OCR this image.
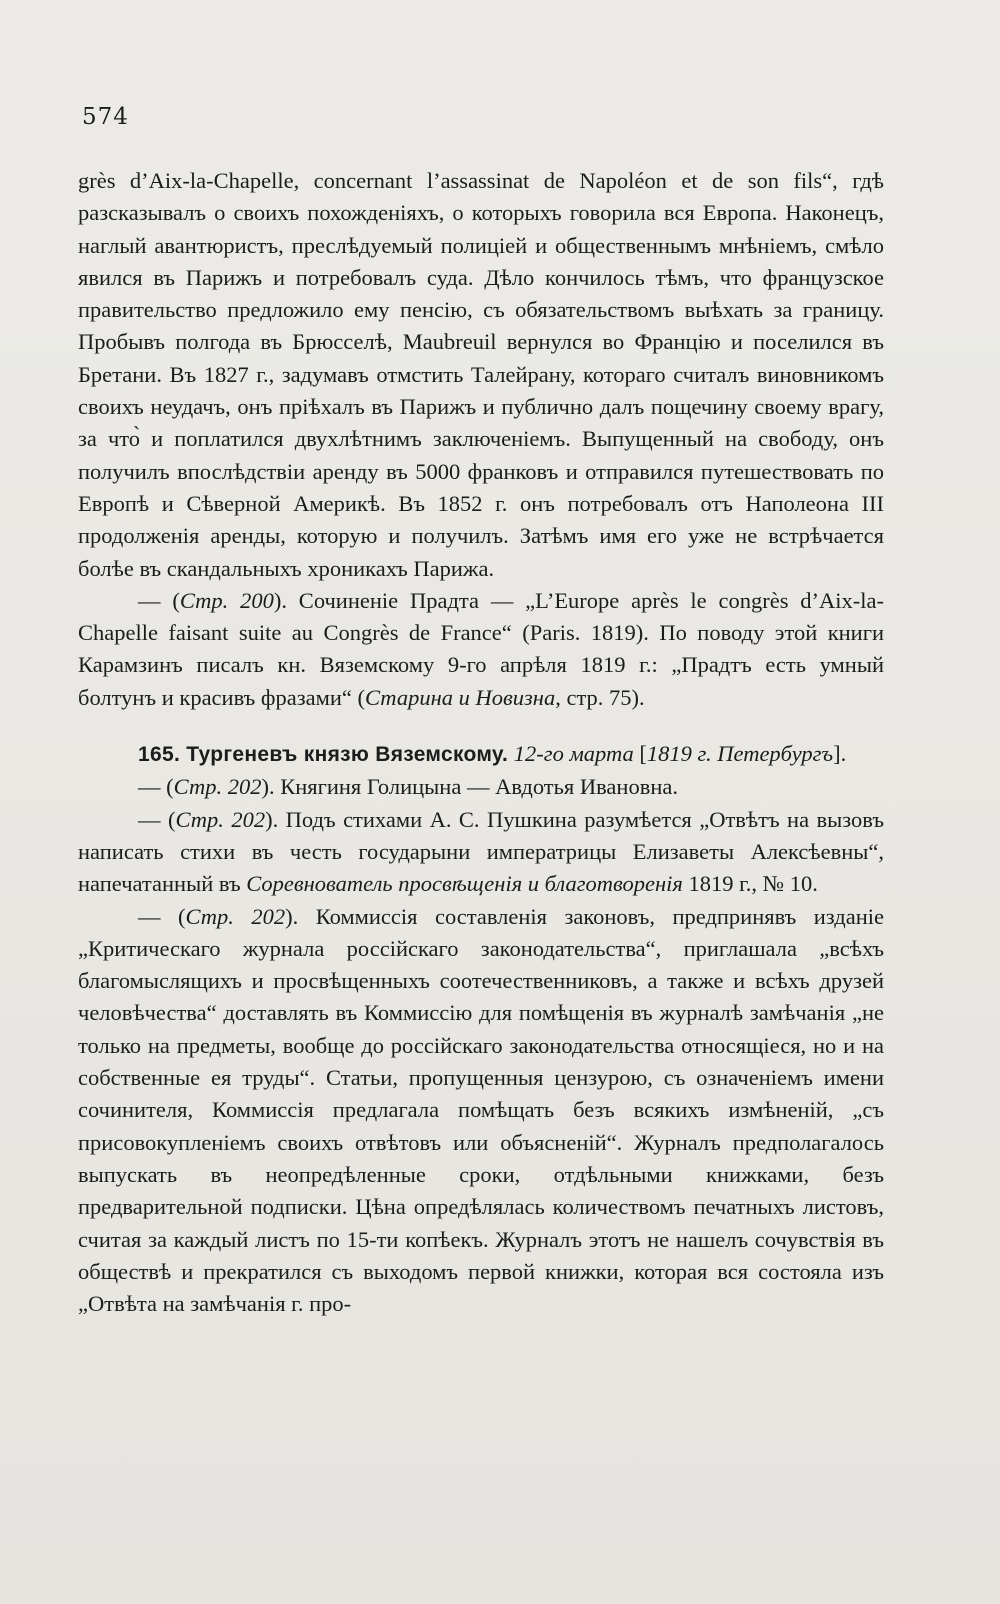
574

grès d’Aix-la-Chapelle, concernant l’assassinat de Napoléon et de son fils“, гдѣ разсказывалъ о своихъ похожденіяхъ, о которыхъ говорила вся Европа. Наконецъ, наглый авантюристъ, преслѣдуемый полиціей и общественнымъ мнѣніемъ, смѣло явился въ Парижъ и потребовалъ суда. Дѣло кончилось тѣмъ, что французское правительство предложило ему пенсію, съ обязательствомъ выѣхать за границу. Пробывъ полгода въ Брюсселѣ, Maubreuil вернулся во Францію и поселился въ Бретани. Въ 1827 г., задумавъ отмстить Талейрану, котораго считалъ виновникомъ своихъ неудачъ, онъ пріѣхалъ въ Парижъ и публично далъ пощечину своему врагу, за что̀ и поплатился двухлѣтнимъ заключеніемъ. Выпущенный на свободу, онъ получилъ впослѣдствіи аренду въ 5000 франковъ и отправился путешествовать по Европѣ и Сѣверной Америкѣ. Въ 1852 г. онъ потребовалъ отъ Наполеона III продолженія аренды, которую и получилъ. Затѣмъ имя его уже не встрѣчается болѣе въ скандальныхъ хроникахъ Парижа.

— (Стр. 200). Сочиненіе Прадта — „L’Europe après le congrès d’Aix-la-Chapelle faisant suite au Congrès de France“ (Paris. 1819). По поводу этой книги Карамзинъ писалъ кн. Вяземскому 9-го апрѣля 1819 г.: „Прадтъ есть умный болтунъ и красивъ фразами“ (Старина и Новизна, стр. 75).

165. Тургеневъ князю Вяземскому. 12-го марта [1819 г. Петербургъ].

— (Стр. 202). Княгиня Голицына — Авдотья Ивановна.

— (Стр. 202). Подъ стихами А. С. Пушкина разумѣется „Отвѣтъ на вызовъ написать стихи въ честь государыни императрицы Елизаветы Алексѣевны“, напечатанный въ Соревнователь просвѣщенія и благотворенія 1819 г., № 10.

— (Стр. 202). Коммиссія составленія законовъ, предпринявъ изданіе „Критическаго журнала россійскаго законодательства“, приглашала „всѣхъ благомыслящихъ и просвѣщенныхъ соотечественниковъ, а также и всѣхъ друзей человѣчества“ доставлять въ Коммиссію для помѣщенія въ журналѣ замѣчанія „не только на предметы, вообще до россійскаго законодательства относящіеся, но и на собственные ея труды“. Статьи, пропущенныя цензурою, съ означеніемъ имени сочинителя, Коммиссія предлагала помѣщать безъ всякихъ измѣненій, „съ присовокупленіемъ своихъ отвѣтовъ или объясненій“. Журналъ предполагалось выпускать въ неопредѣленные сроки, отдѣльными книжками, безъ предварительной подписки. Цѣна опредѣлялась количествомъ печатныхъ листовъ, считая за каждый листъ по 15-ти копѣекъ. Журналъ этотъ не нашелъ сочувствія въ обществѣ и прекратился съ выходомъ первой книжки, которая вся состояла изъ „Отвѣта на замѣчанія г. про-
